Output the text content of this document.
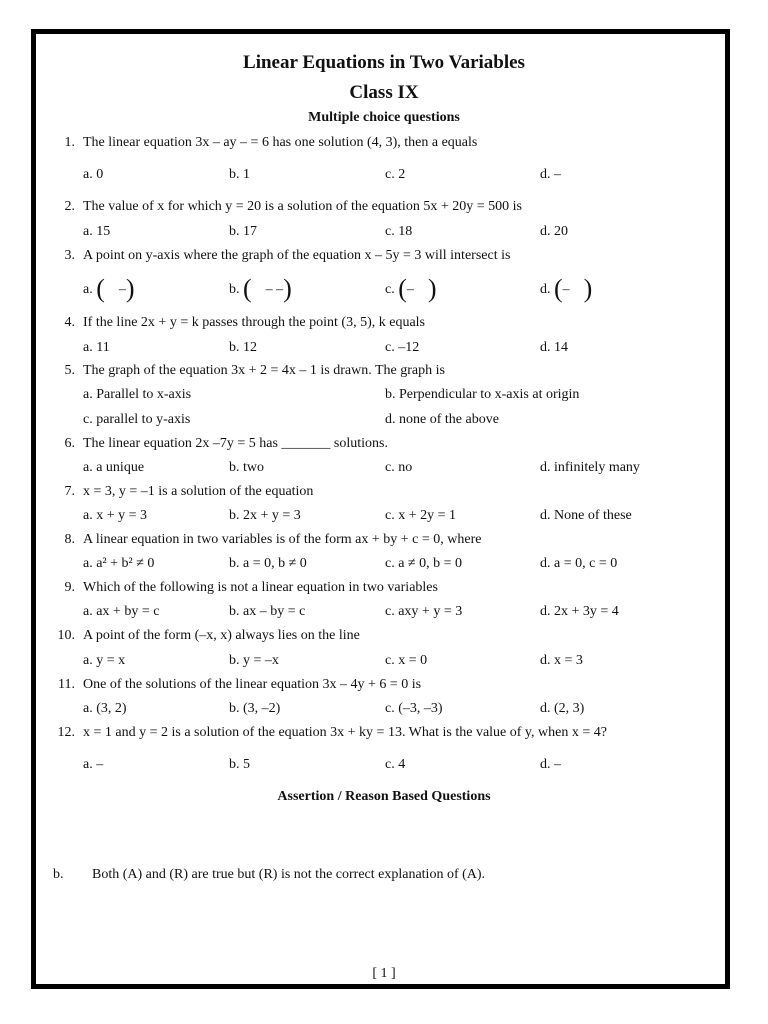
Linear Equations in Two Variables
Class IX
Multiple choice questions
1. The linear equation 3x – ay – = 6 has one solution (4, 3), then a equals
a. 0	b. 1	c. 2	d. –
2. The value of x for which y = 20 is a solution of the equation 5x + 20y = 500 is
a. 15	b. 17	c. 18	d. 20
3. A point on y-axis where the graph of the equation x – 5y = 3 will intersect is
a. ( –)	b. ( – –)	c. (– )	d. (– )
4. If the line 2x + y = k passes through the point (3, 5), k equals
a. 11	b. 12	c. –12	d. 14
5. The graph of the equation 3x + 2 = 4x – 1 is drawn. The graph is
a. Parallel to x-axis	b. Perpendicular to x-axis at origin
c. parallel to y-axis	d. none of the above
6. The linear equation 2x –7y = 5 has _______ solutions.
a. a unique	b. two	c. no	d. infinitely many
7. x = 3, y = –1 is a solution of the equation
a. x + y = 3	b. 2x + y = 3	c. x + 2y = 1	d. None of these
8. A linear equation in two variables is of the form ax + by + c = 0, where
a. a² + b² ≠ 0	b. a = 0, b ≠ 0	c. a ≠ 0, b = 0	d. a = 0, c = 0
9. Which of the following is not a linear equation in two variables
a. ax + by = c	b. ax – by = c	c. axy + y = 3	d. 2x + 3y = 4
10. A point of the form (–x, x) always lies on the line
a. y = x	b. y = –x	c. x = 0	d. x = 3
11. One of the solutions of the linear equation 3x – 4y + 6 = 0 is
a. (3, 2)	b. (3, –2)	c. (–3, –3)	d. (2, 3)
12. x = 1 and y = 2 is a solution of the equation 3x + ky = 13. What is the value of y, when x = 4?
a. –	b. 5	c. 4	d. –
Assertion / Reason Based Questions
b. Both (A) and (R) are true but (R) is not the correct explanation of (A).
[ 1 ]
